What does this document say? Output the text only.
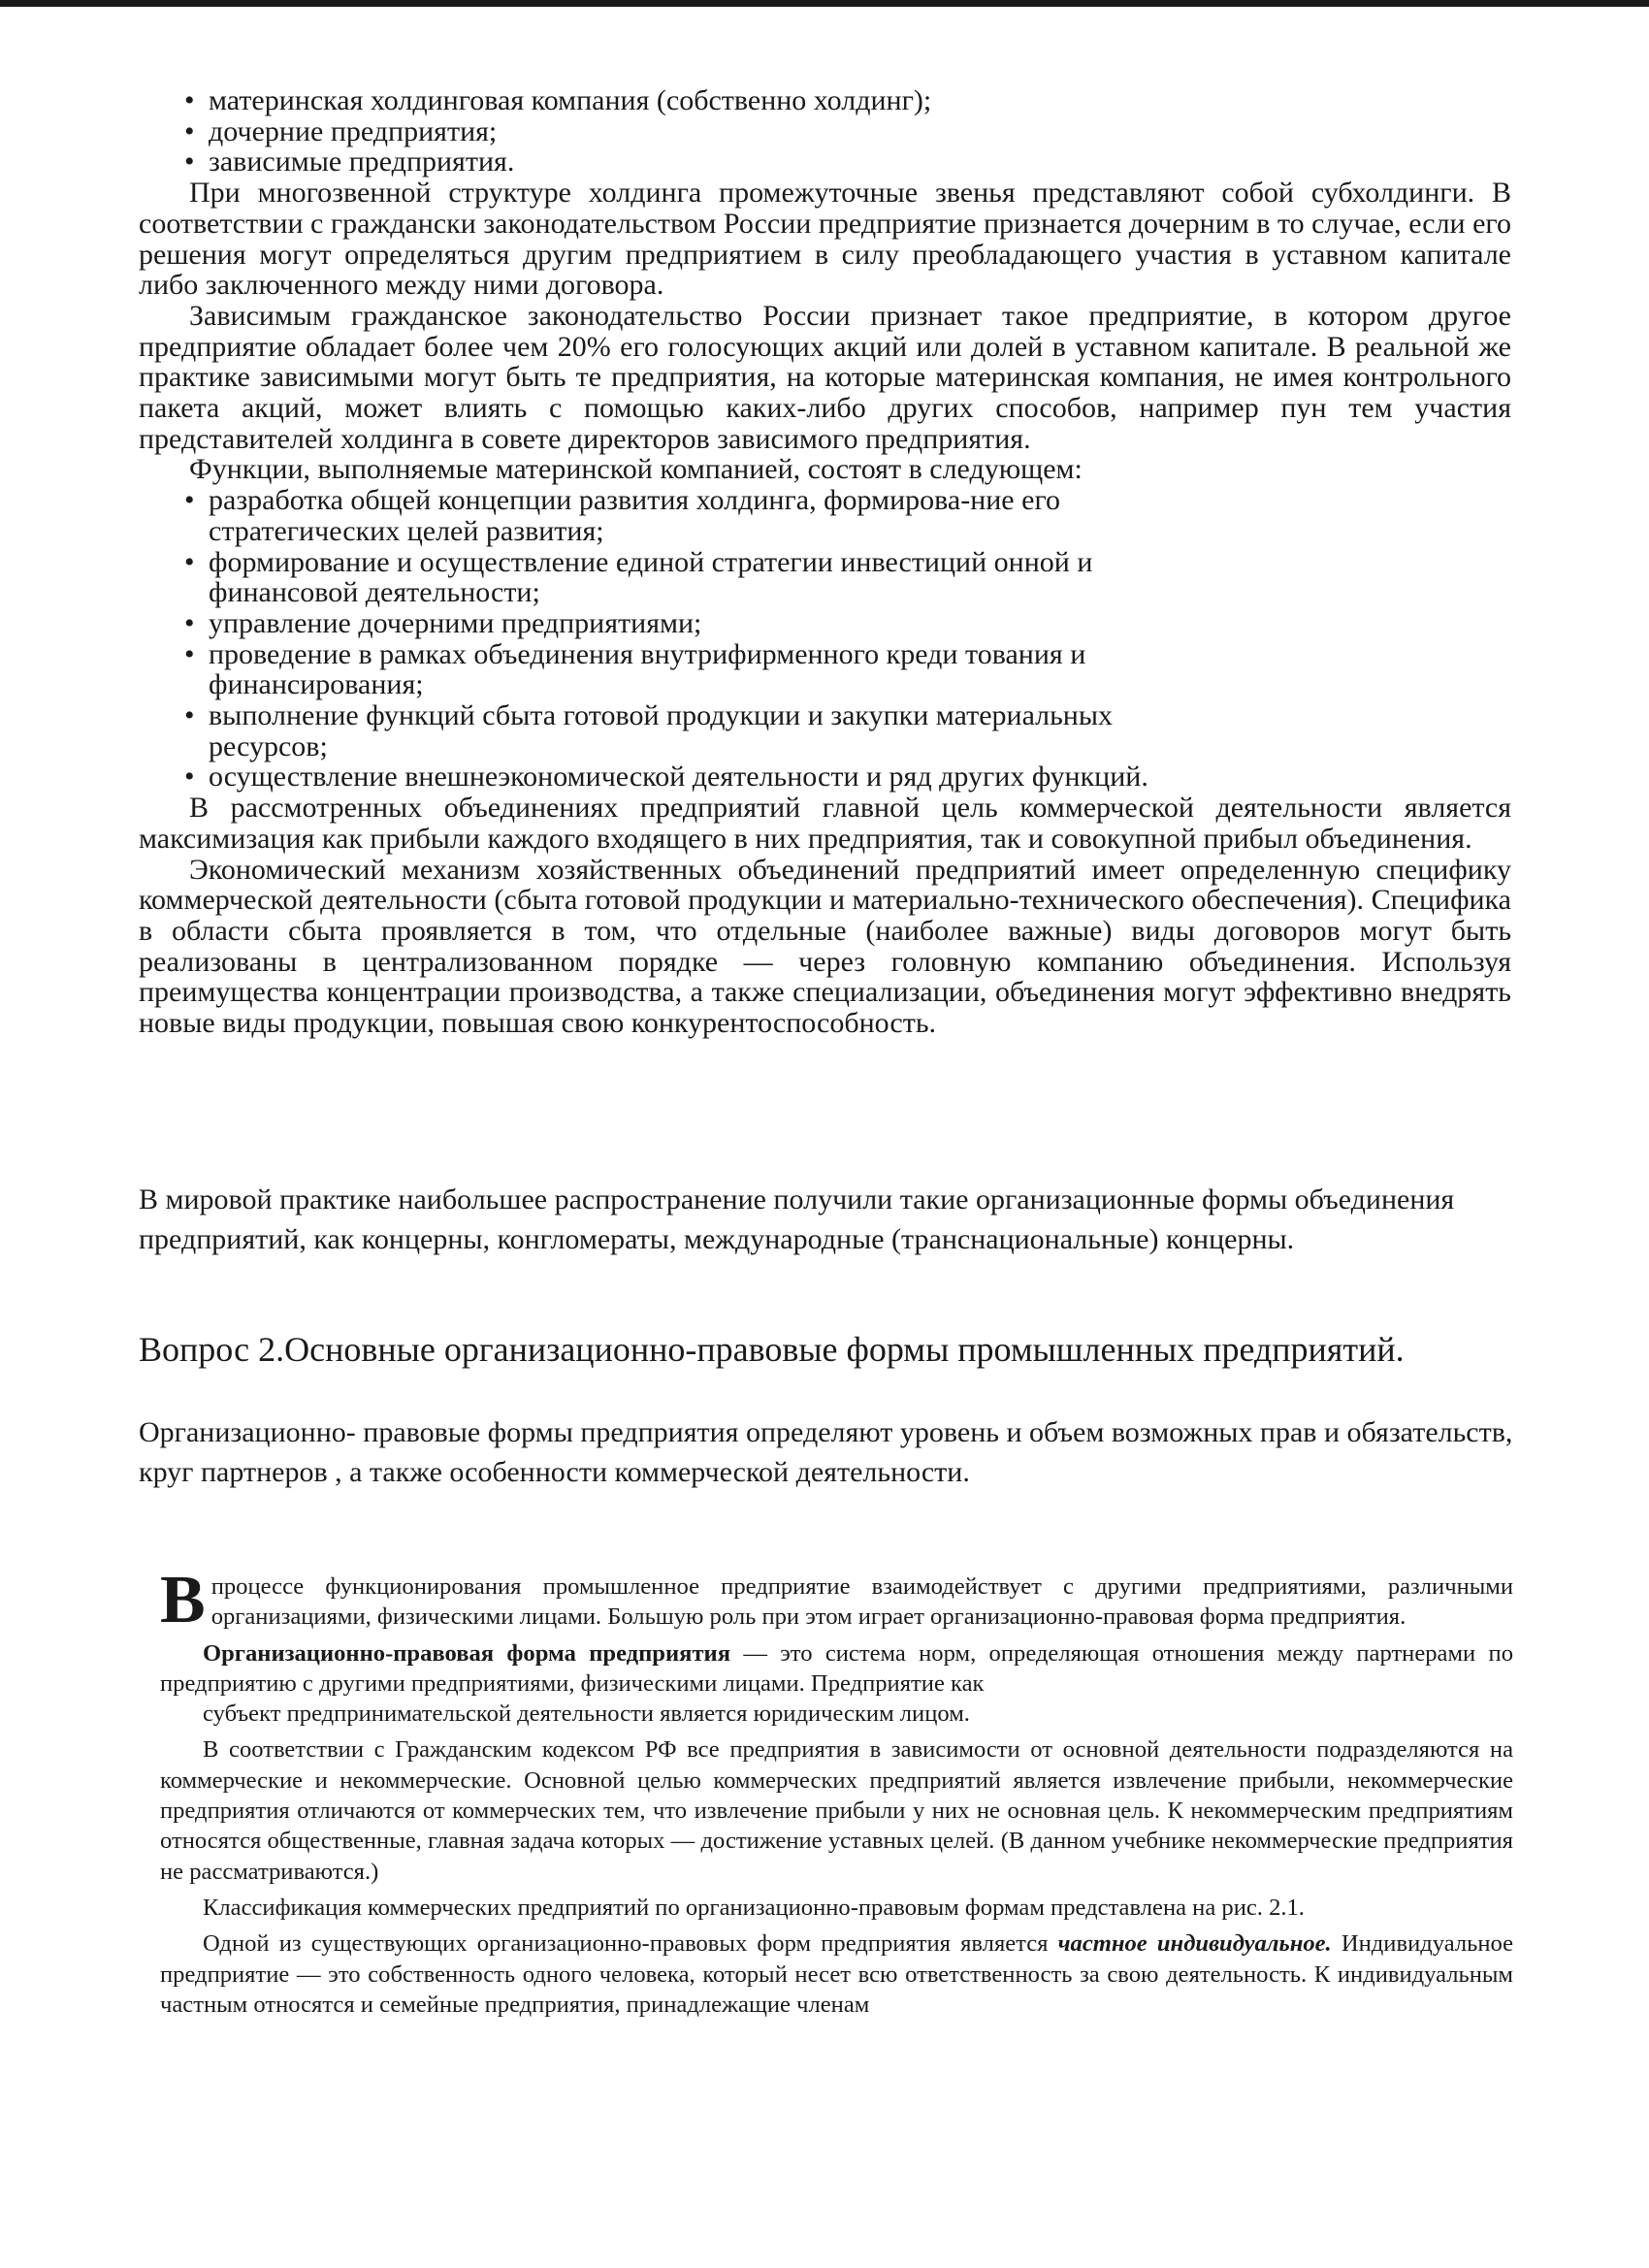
• материнская холдинговая компания (собственно холдинг);

• дочерние предприятия;

• зависимые предприятия.

При многозвенной структуре холдинга промежуточные звенья представляют собой субхолдинги. В соответствии с граждански законодательством России предприятие признается дочерним в то случае, если его решения могут определяться другим предприятием в силу преобладающего участия в уставном капитале либо заключенного между ними договора.

Зависимым гражданское законодательство России признает такое предприятие, в котором другое предприятие обладает более чем 20% его голосующих акций или долей в уставном капитале. В реальной же практике зависимыми могут быть те предприятия, на которые материнская компания, не имея контрольного пакета акций, может влиять с помощью каких-либо других способов, например пун тем участия представителей холдинга в совете директоров зависимого предприятия.

Функции, выполняемые материнской компанией, состоят в следующем:

• разработка общей концепции развития холдинга, формирова-ние его стратегических целей развития;

• формирование и осуществление единой стратегии инвестиций онной и финансовой деятельности;

• управление дочерними предприятиями;

• проведение в рамках объединения внутрифирменного креди тования и финансирования;

• выполнение функций сбыта готовой продукции и закупки материальных ресурсов;

• осуществление внешнеэкономической деятельности и ряд других функций.

В рассмотренных объединениях предприятий главной цель коммерческой деятельности является максимизация как прибыли каждого входящего в них предприятия, так и совокупной прибыл объединения.

Экономический механизм хозяйственных объединений предприятий имеет определенную специфику коммерческой деятельности (сбыта готовой продукции и материально-технического обеспечения). Специфика в области сбыта проявляется в том, что отдельные (наиболее важные) виды договоров могут быть реализованы в централизованном порядке — через головную компанию объединения. Используя преимущества концентрации производства, а также специализации, объединения могут эффективно внедрять новые виды продукции, повышая свою конкурентоспособность.

В мировой практике наибольшее распространение получили такие организационные формы объединения предприятий, как концерны, конгломераты, международные (транснациональные) концерны.

Вопрос 2.Основные организационно-правовые формы промышленных предприятий.
Организационно- правовые формы предприятия определяют уровень и объем возможных прав и обязательств, круг партнеров , а также особенности коммерческой деятельности.

В процессе функционирования промышленное предприятие взаимодействует с другими предприятиями, различными организациями, физическими лицами. Большую роль при этом играет организационно-правовая форма предприятия.

Организационно-правовая форма предприятия — это система норм, определяющая отношения между партнерами по предприятию с другими предприятиями, физическими лицами. Предприятие как

субъект предпринимательской деятельности является юридическим лицом.

В соответствии с Гражданским кодексом РФ все предприятия в зависимости от основной деятельности подразделяются на коммерческие и некоммерческие. Основной целью коммерческих предприятий является извлечение прибыли, некоммерческие предприятия отличаются от коммерческих тем, что извлечение прибыли у них не основная цель. К некоммерческим предприятиям относятся общественные, главная задача которых — достижение уставных целей. (В данном учебнике некоммерческие предприятия не рассматриваются.)

Классификация коммерческих предприятий по организационно-правовым формам представлена на рис. 2.1.

Одной из существующих организационно-правовых форм предприятия является частное индивидуальное. Индивидуальное предприятие — это собственность одного человека, который несет всю ответственность за свою деятельность. К индивидуальным частным относятся и семейные предприятия, принадлежащие членам
